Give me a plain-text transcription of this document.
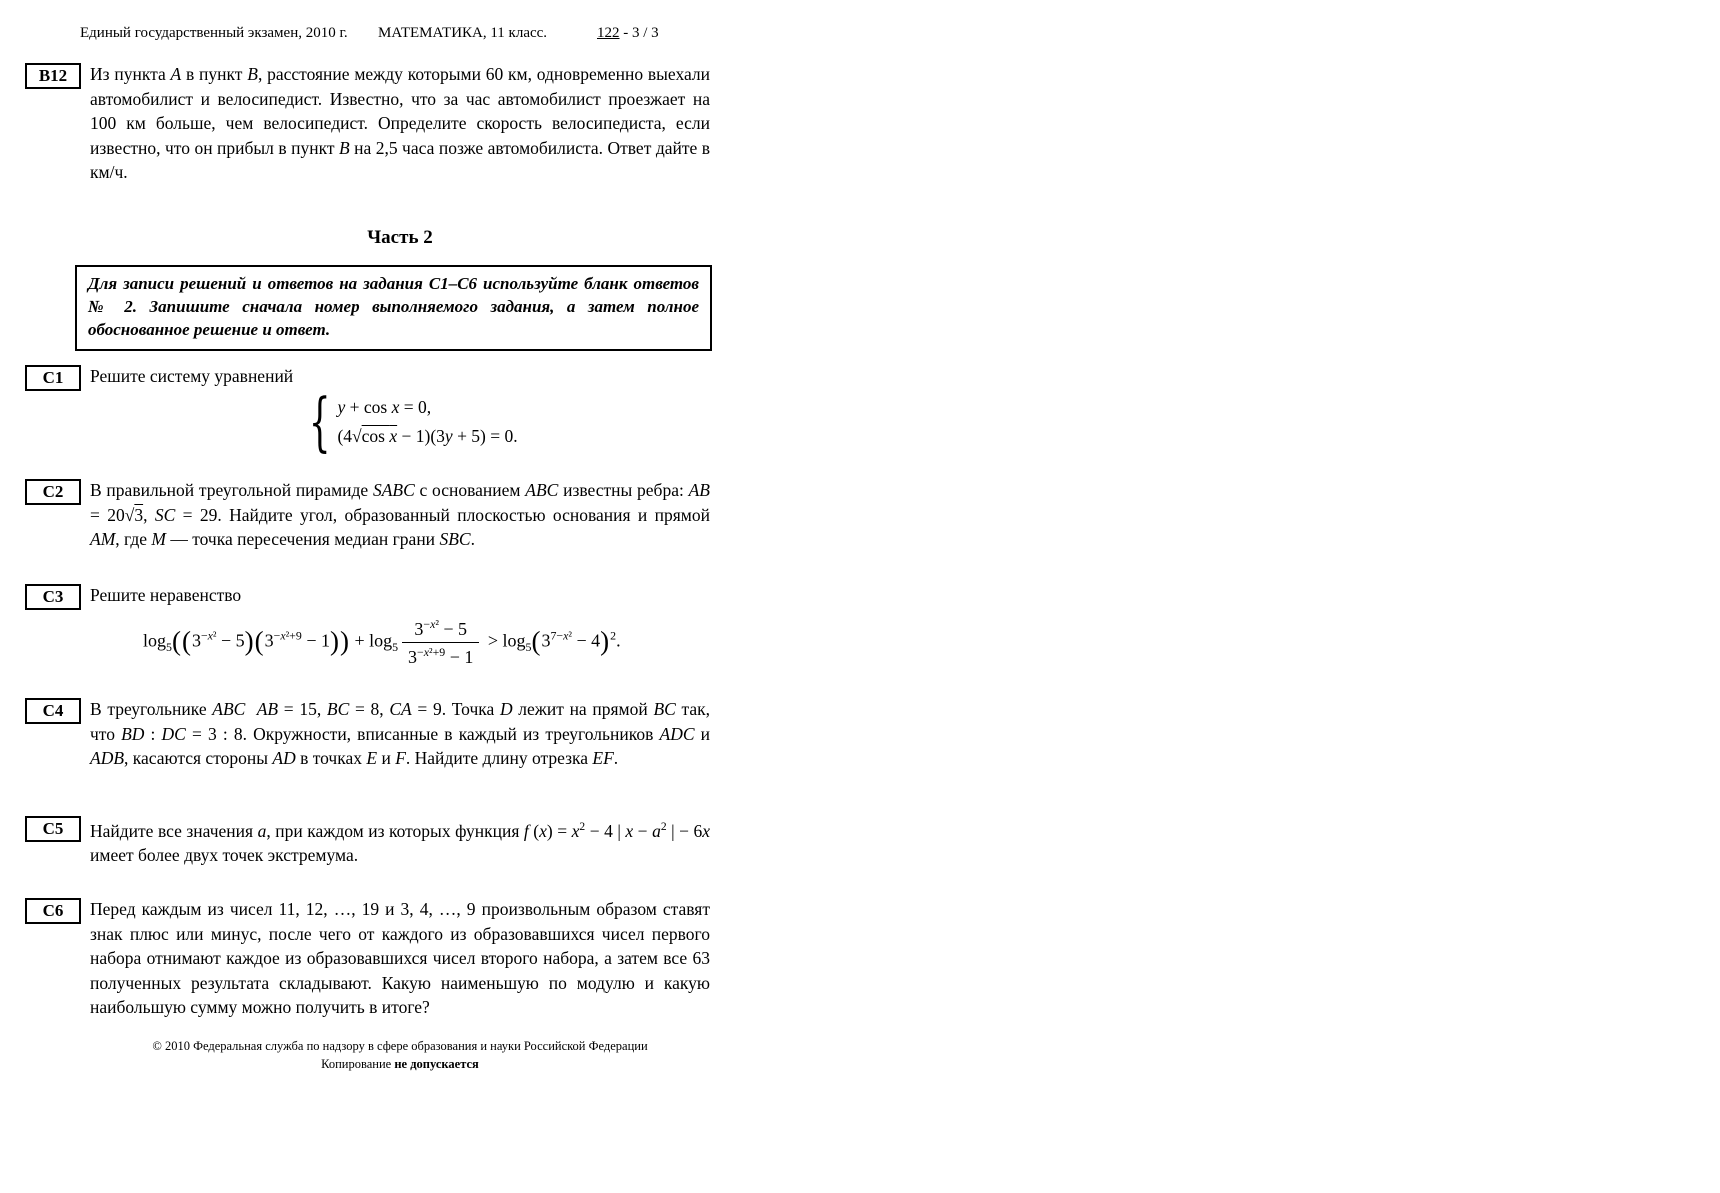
Единый государственный экзамен, 2010 г. МАТЕМАТИКА, 11 класс.	122 - 3 / 3
В12	Из пункта А в пункт В, расстояние между которыми 60 км, одновременно выехали автомобилист и велосипедист. Известно, что за час автомобилист проезжает на 100 км больше, чем велосипедист. Определите скорость велосипедиста, если известно, что он прибыл в пункт В на 2,5 часа позже автомобилиста. Ответ дайте в км/ч.
Часть 2
Для записи решений и ответов на задания С1–С6 используйте бланк ответов № 2. Запишите сначала номер выполняемого задания, а затем полное обоснованное решение и ответ.
С1	Решите систему уравнений
{ y + cos x = 0,
(4√cos x − 1)(3y + 5) = 0.
С2	В правильной треугольной пирамиде SABC с основанием ABC известны ребра: AB = 20√3, SC = 29. Найдите угол, образованный плоскостью основания и прямой AM, где M — точка пересечения медиан грани SBC.
С3	Решите неравенство
$\log_5((3^{-x^2} - 5)(3^{-x^2+9} - 1)) + \log_5 \frac{3^{-x^2} - 5}{3^{-x^2+9} - 1} > \log_5(3^{7-x^2} - 4)^2$.
С4	В треугольнике ABC AB = 15, BC = 8, CA = 9. Точка D лежит на прямой BC так, что BD : DC = 3 : 8. Окружности, вписанные в каждый из треугольников ADC и ADB, касаются стороны AD в точках E и F. Найдите длину отрезка EF.
С5	Найдите все значения a, при каждом из которых функция f $(x) = x^2 - 4$ | $x - a^2$ | − 6x имеет более двух точек экстремума.
С6	Перед каждым из чисел 11, 12, …, 19 и 3, 4, …, 9 произвольным образом ставят знак плюс или минус, после чего от каждого из образовавшихся чисел первого набора отнимают каждое из образовавшихся чисел второго набора, а затем все 63 полученных результата складывают. Какую наименьшую по модулю и какую наибольшую сумму можно получить в итоге?
© 2010 Федеральная служба по надзору в сфере образования и науки Российской Федерации
Копирование не допускается
